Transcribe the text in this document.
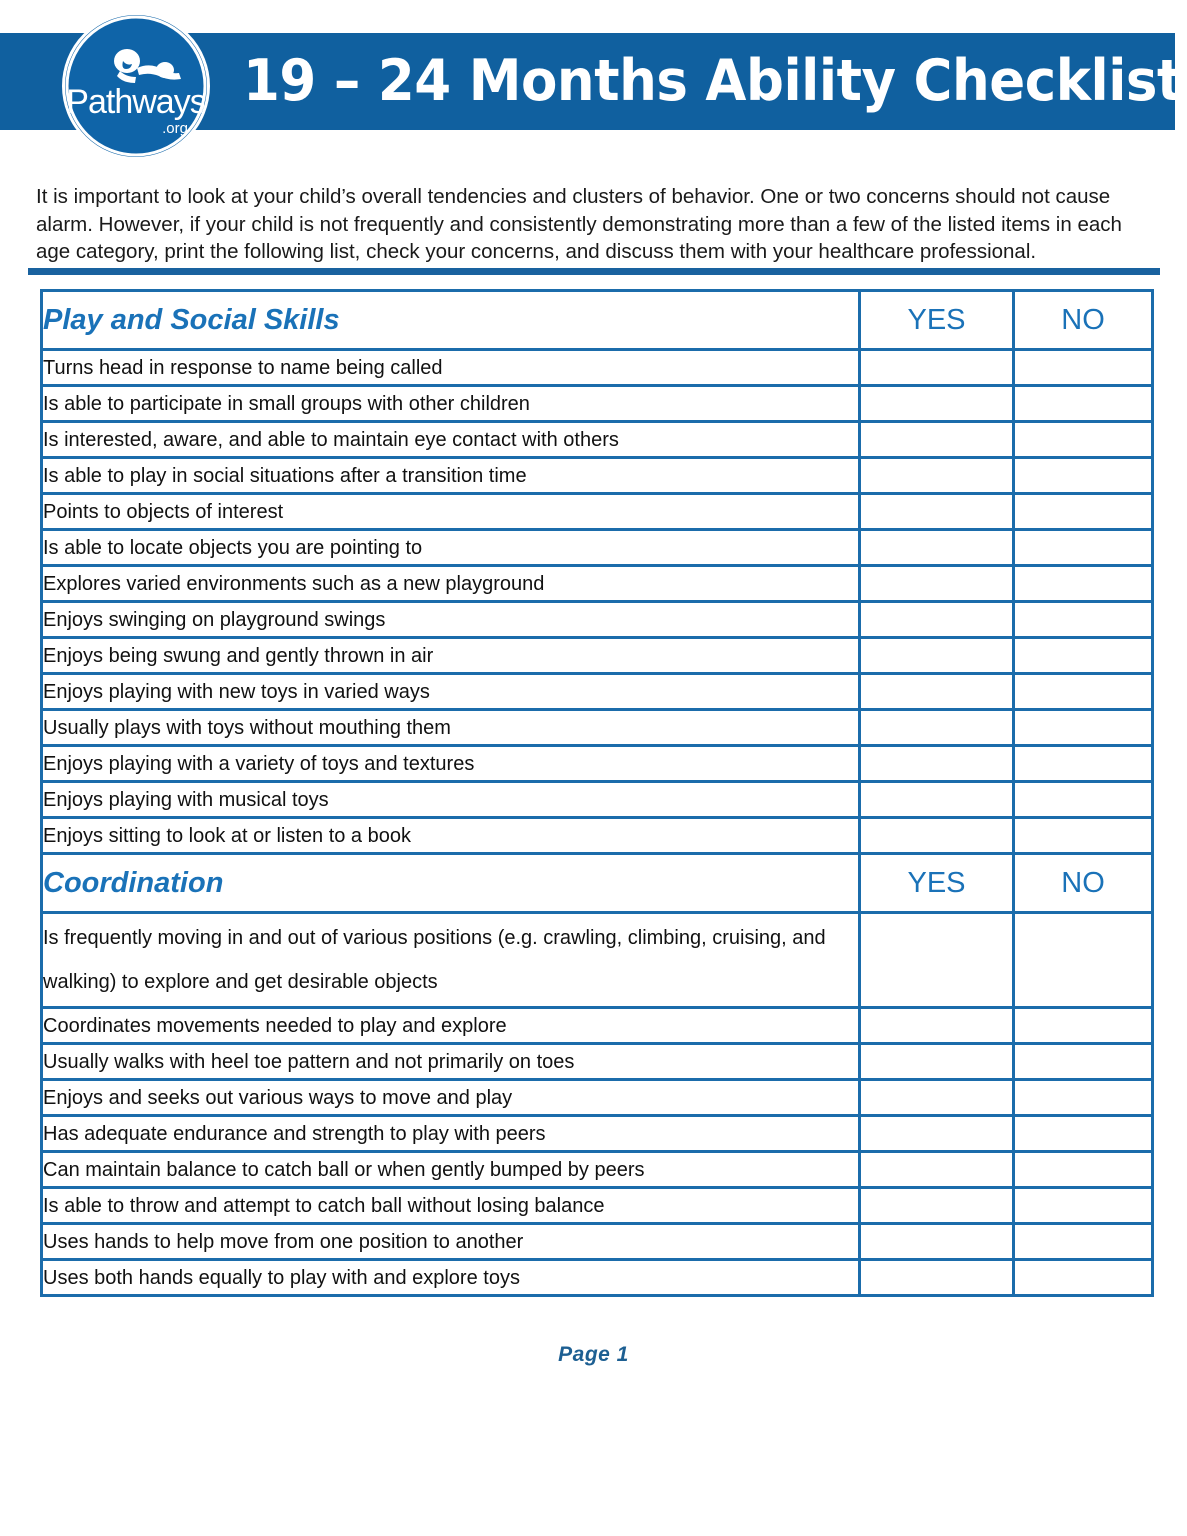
19 – 24 Months Ability Checklist
Pathways
.org
It is important to look at your child’s overall tendencies and clusters of behavior. One or two concerns should not cause alarm. However, if your child is not frequently and consistently demonstrating more than a few of the listed items in each age category, print the following list, check your concerns, and discuss them with your healthcare professional.
Play and Social Skills	YES	NO
Turns head in response to name being called		
Is able to participate in small groups with other children		
Is interested, aware, and able to maintain eye contact with others		
Is able to play in social situations after a transition time		
Points to objects of interest		
Is able to locate objects you are pointing to		
Explores varied environments such as a new playground		
Enjoys swinging on playground swings		
Enjoys being swung and gently thrown in air		
Enjoys playing with new toys in varied ways		
Usually plays with toys without mouthing them		
Enjoys playing with a variety of toys and textures		
Enjoys playing with musical toys		
Enjoys sitting to look at or listen to a book		
Coordination	YES	NO
Is frequently moving in and out of various positions (e.g. crawling, climbing, cruising, and walking) to explore and get desirable objects		
Coordinates movements needed to play and explore		
Usually walks with heel toe pattern and not primarily on toes		
Enjoys and seeks out various ways to move and play		
Has adequate endurance and strength to play with peers		
Can maintain balance to catch ball or when gently bumped by peers		
Is able to throw and attempt to catch ball without losing balance		
Uses hands to help move from one position to another		
Uses both hands equally to play with and explore toys		
Page 1
